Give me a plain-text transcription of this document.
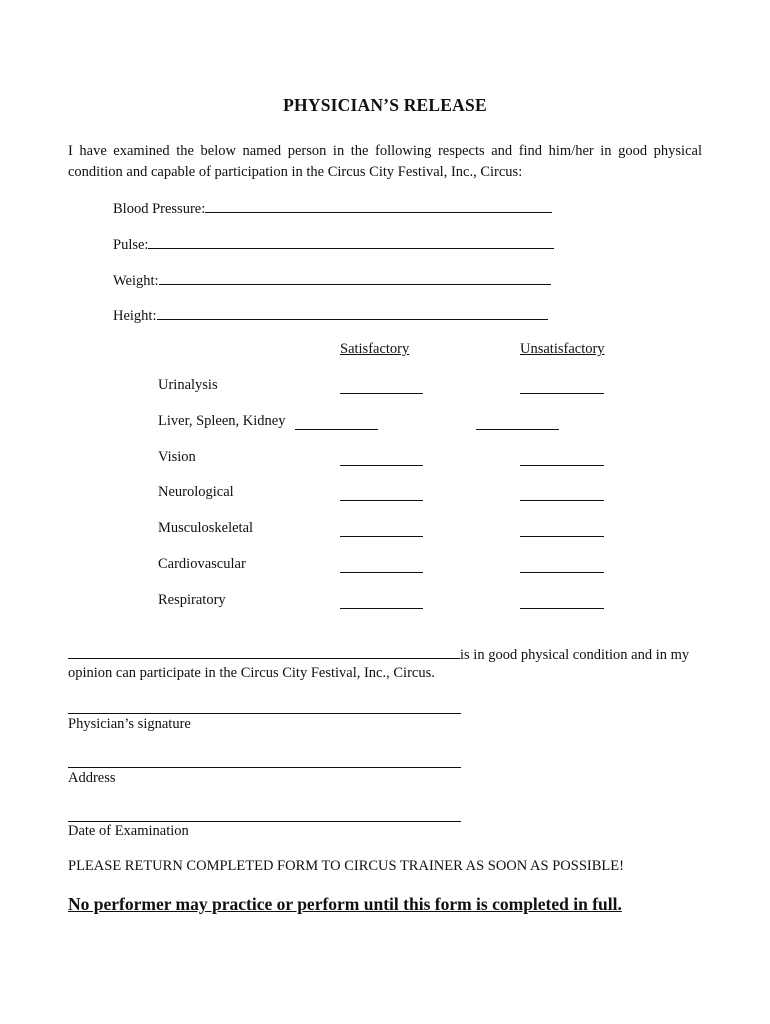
PHYSICIAN’S RELEASE
I have examined the below named person in the following respects and find him/her in good physical condition and capable of participation in the Circus City Festival, Inc., Circus:
Blood Pressure:
Pulse:
Weight:
Height:
Satisfactory	Unsatisfactory
Urinalysis
Liver, Spleen, Kidney
Vision
Neurological
Musculoskeletal
Cardiovascular
Respiratory
is in good physical condition and in my opinion can participate in the Circus City Festival, Inc., Circus.
Physician’s signature
Address
Date of Examination
PLEASE RETURN COMPLETED FORM TO CIRCUS TRAINER AS SOON AS POSSIBLE!
No performer may practice or perform until this form is completed in full.
